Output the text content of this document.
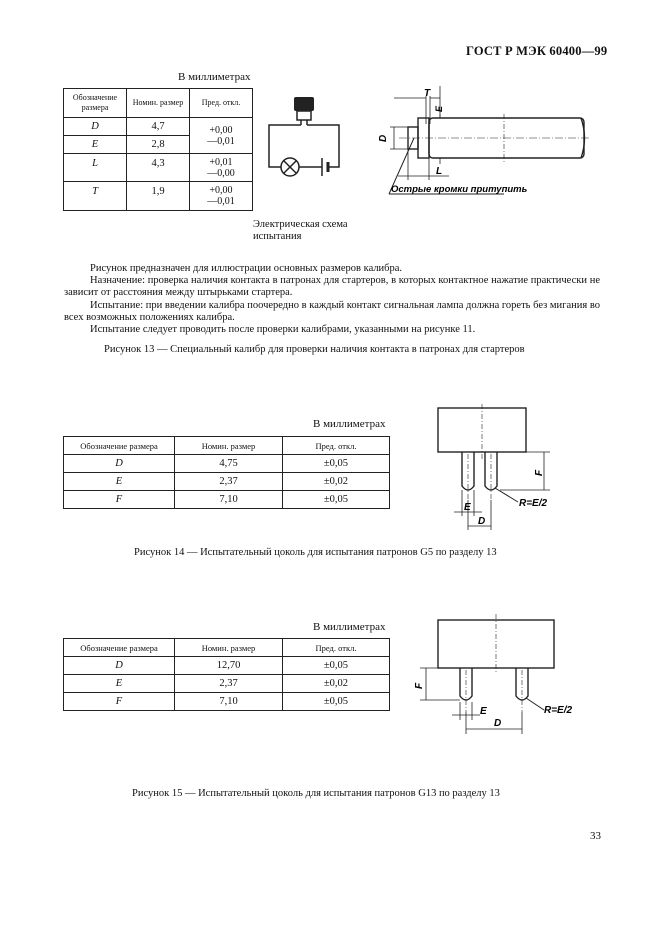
ГОСТ Р МЭК 60400—99
В миллиметрах
Обозначение размера	Номин. размер	Пред. откл.
D	4,7	+0,00
—0,01

E	2,8	
L	4,3	+0,01
—0,00

T	1,9	+0,00
—0,01
Электрическая схема
испытания
T
E
D
L
Острые кромки притупить

Рисунок предназначен для иллюстрации основных размеров калибра.

Назначение: проверка наличия контакта в патронах для стартеров, в которых контактное нажатие практически не зависит от расстояния между штырьками стартера.

Испытание: при введении калибра поочередно в каждый контакт сигнальная лампа должна гореть без мигания во всех возможных положениях калибра.

Испытание следует проводить после проверки калибрами, указанными на рисунке 11.

Рисунок 13 — Специальный калибр для проверки наличия контакта в патронах для стартеров
В миллиметрах
Обозначение размера	Номин. размер	Пред. откл.
D	4,75	±0,05
E	2,37	±0,02
F	7,10	±0,05
F
E
D
R=E/2
Рисунок 14 — Испытательный цоколь для испытания патронов G5 по разделу 13
В миллиметрах
Обозначение размера	Номин. размер	Пред. откл.
D	12,70	±0,05
E	2,37	±0,02
F	7,10	±0,05
F
E
D
R=E/2
Рисунок 15 — Испытательный цоколь для испытания патронов G13 по разделу 13
33
